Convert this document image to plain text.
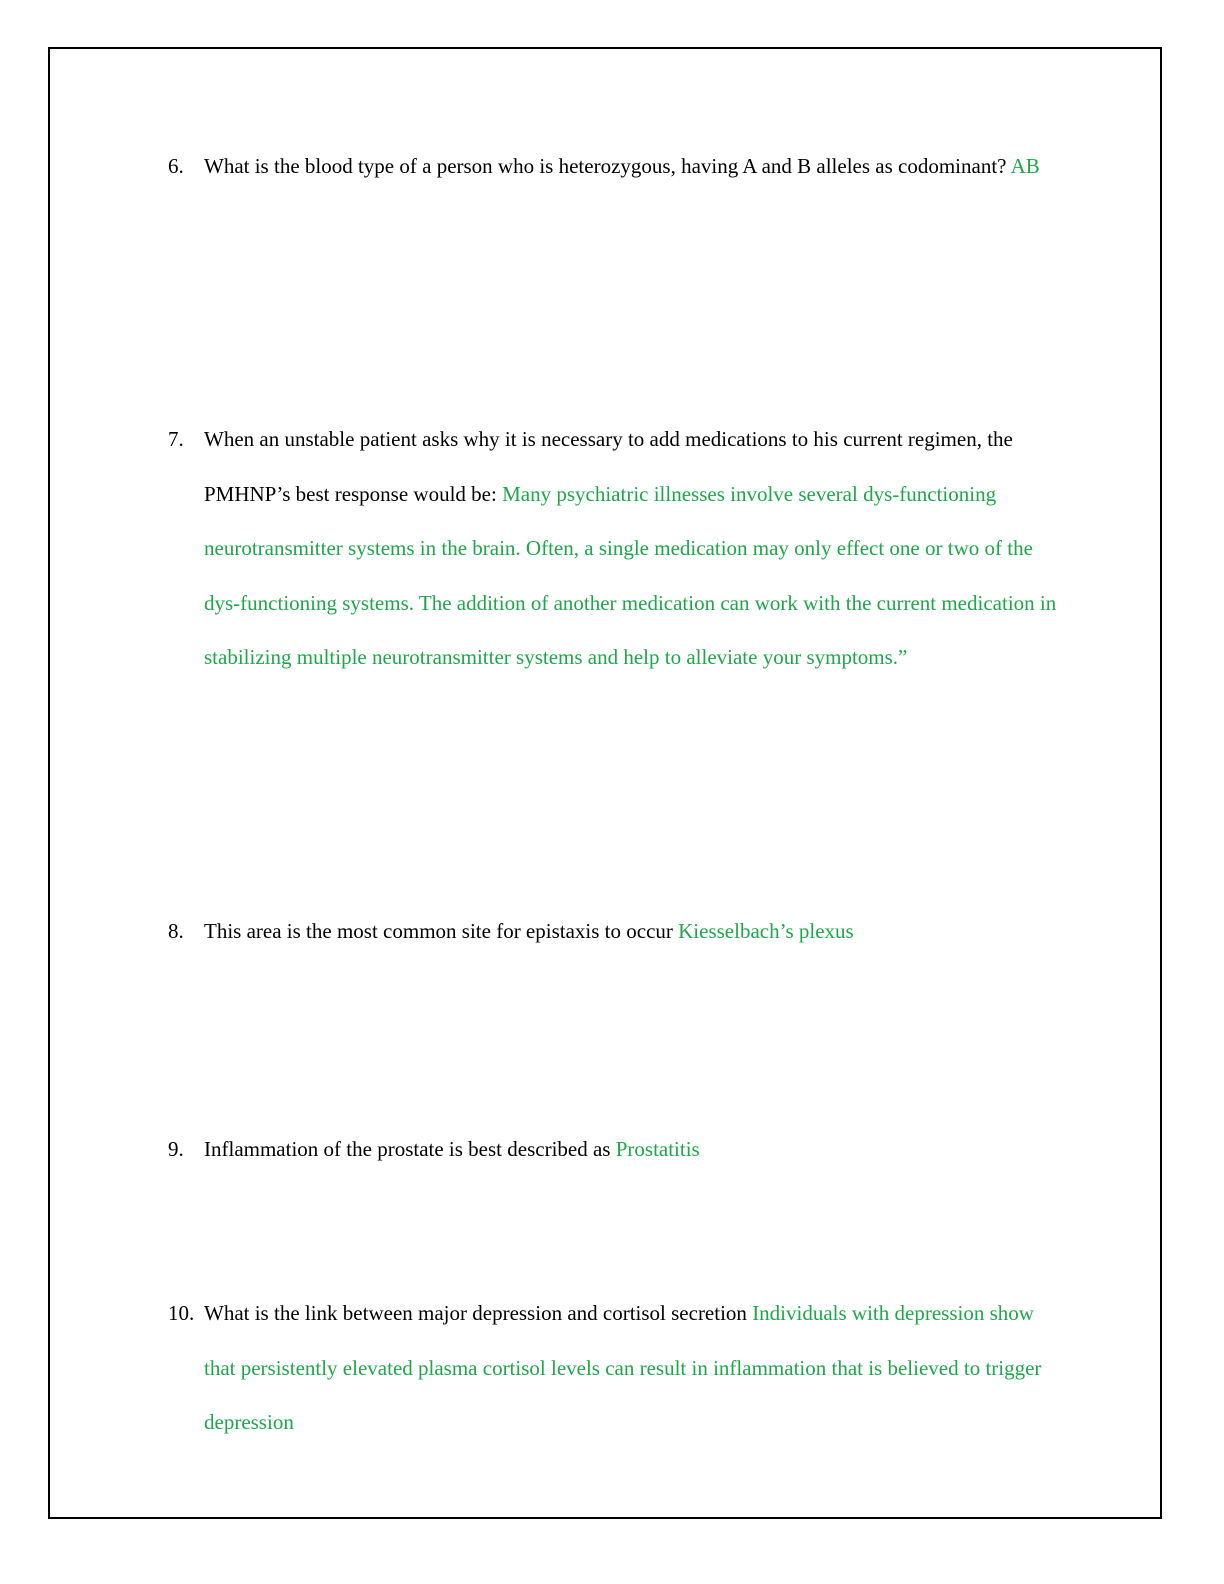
6. What is the blood type of a person who is heterozygous, having A and B alleles as codominant? AB
7. When an unstable patient asks why it is necessary to add medications to his current regimen, the PMHNP’s best response would be: Many psychiatric illnesses involve several dys-functioning neurotransmitter systems in the brain. Often, a single medication may only effect one or two of the dys-functioning systems. The addition of another medication can work with the current medication in stabilizing multiple neurotransmitter systems and help to alleviate your symptoms.”
8. This area is the most common site for epistaxis to occur Kiesselbach’s plexus
9. Inflammation of the prostate is best described as Prostatitis
10. What is the link between major depression and cortisol secretion Individuals with depression show that persistently elevated plasma cortisol levels can result in inflammation that is believed to trigger depression
